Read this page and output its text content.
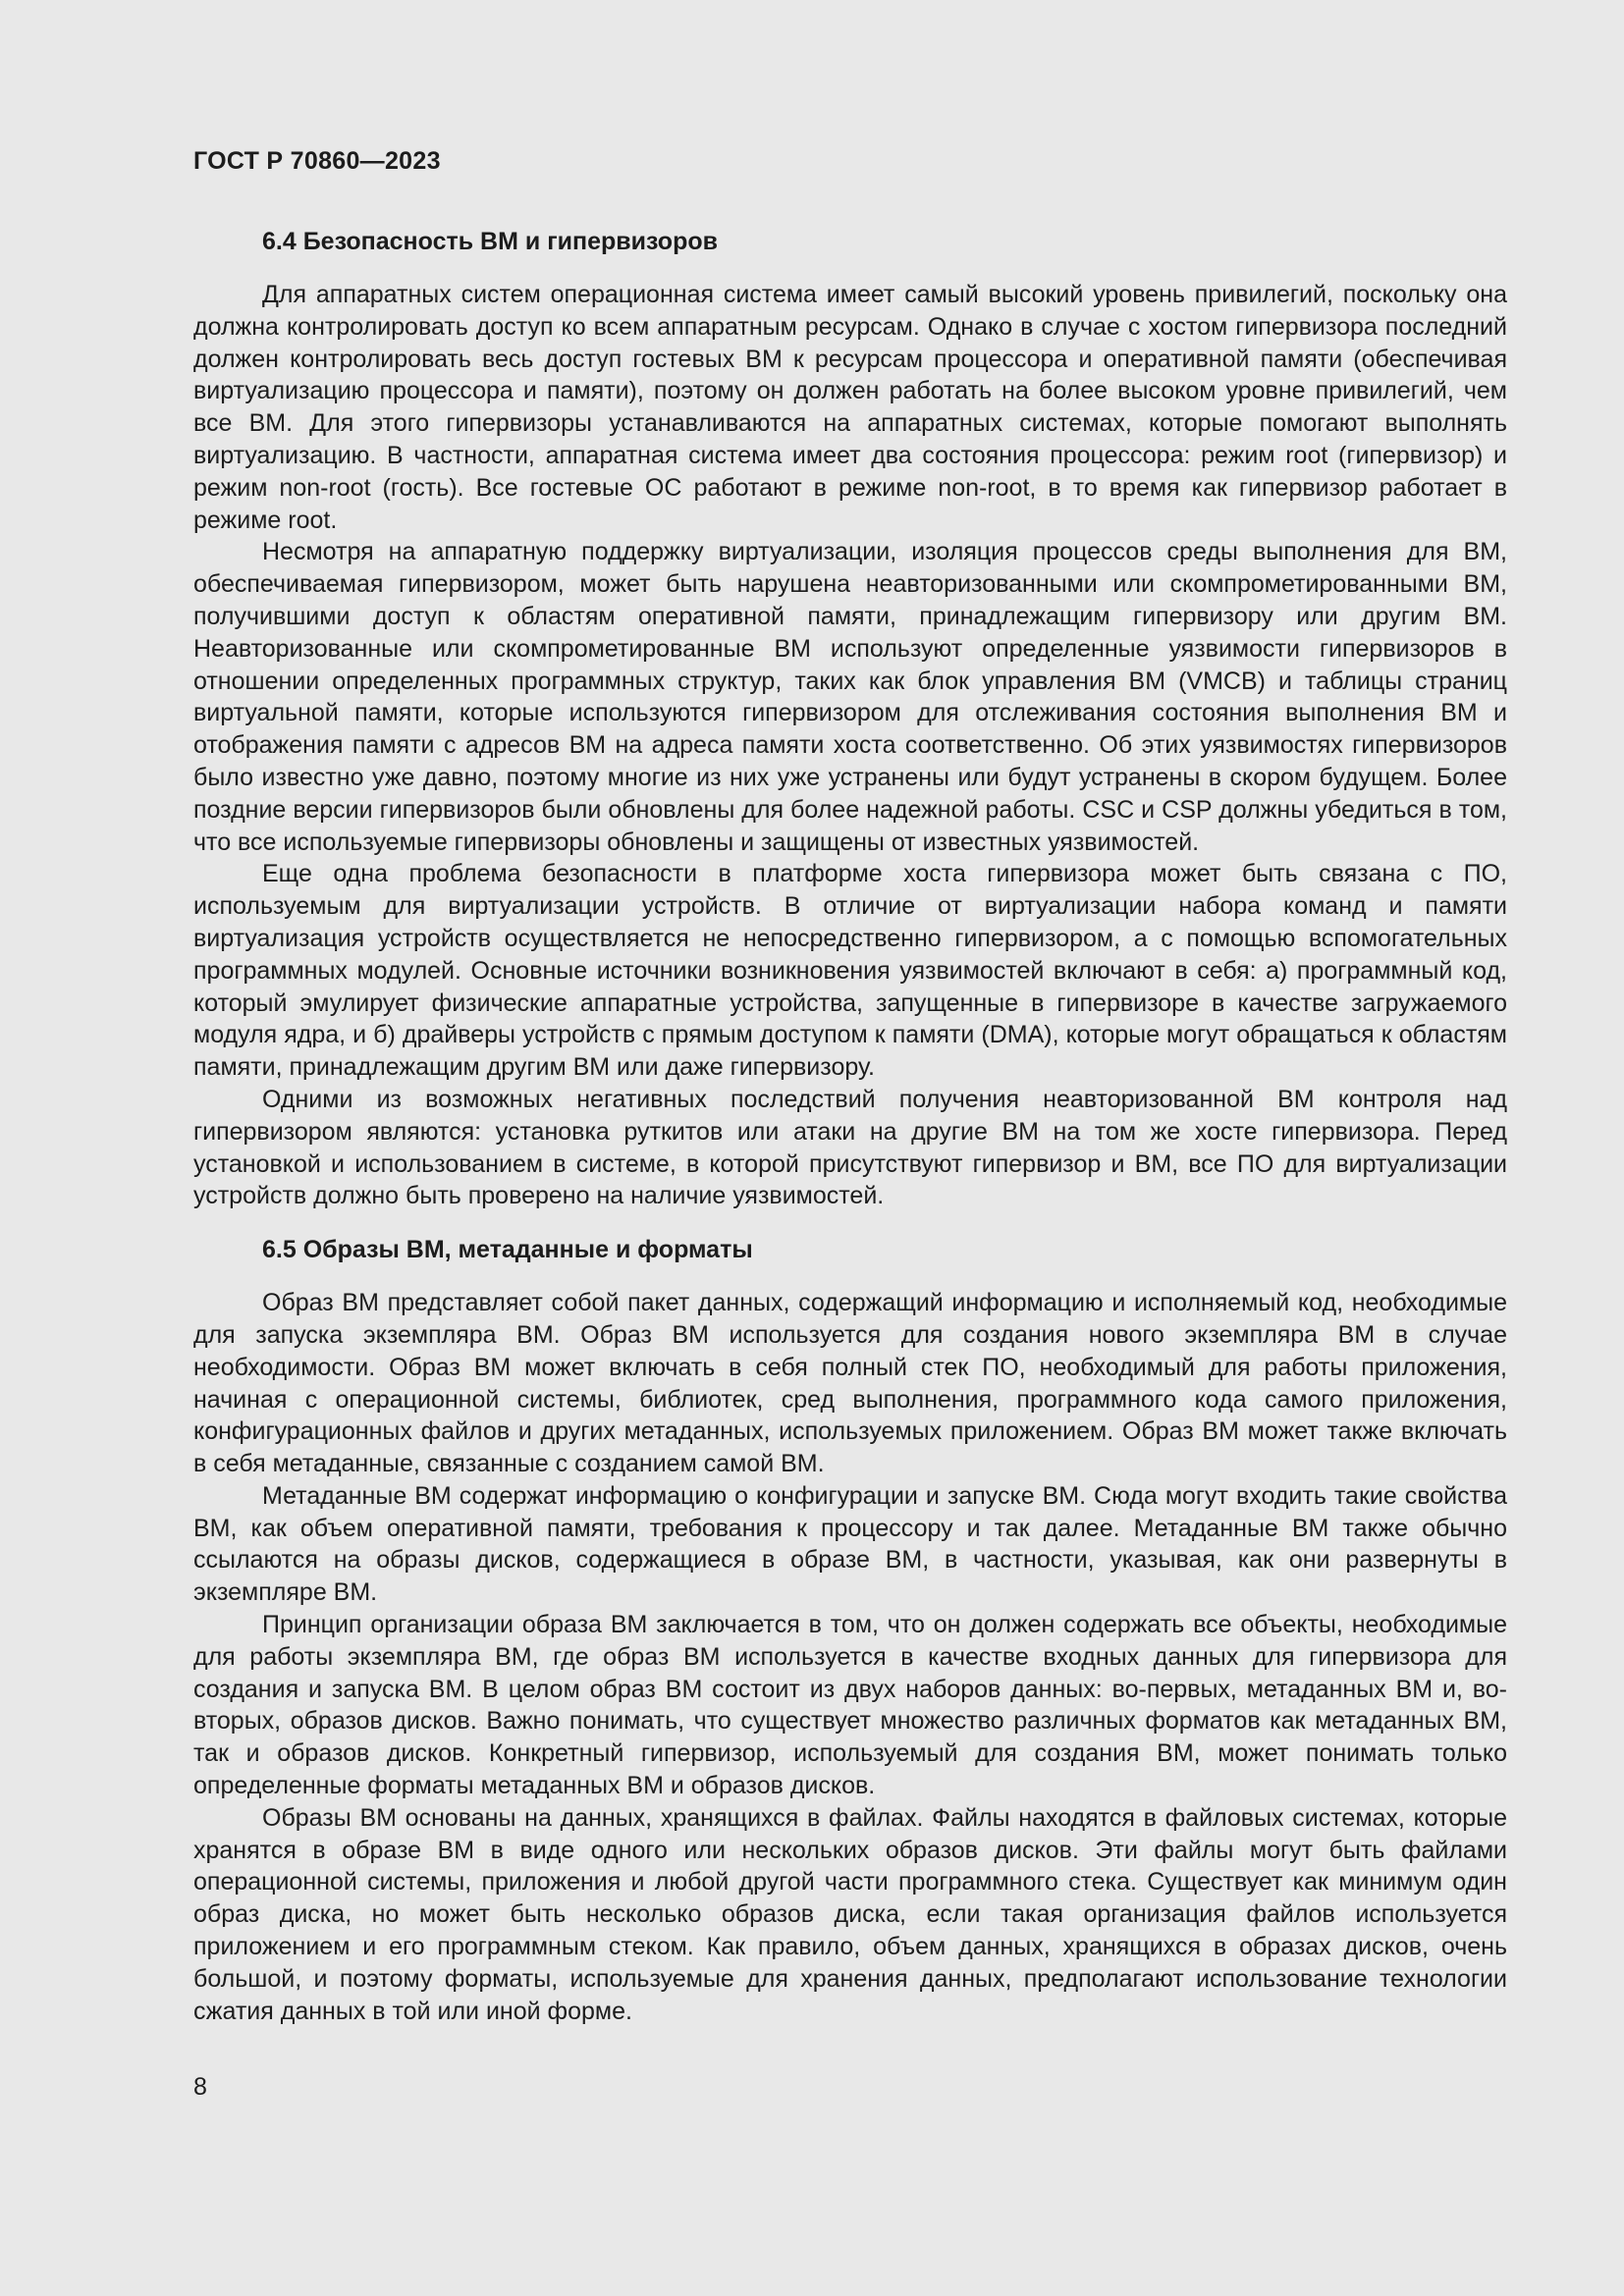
ГОСТ Р 70860—2023
6.4 Безопасность ВМ и гипервизоров

Для аппаратных систем операционная система имеет самый высокий уровень привилегий, поскольку она должна контролировать доступ ко всем аппаратным ресурсам. Однако в случае с хостом гипервизора последний должен контролировать весь доступ гостевых ВМ к ресурсам процессора и оперативной памяти (обеспечивая виртуализацию процессора и памяти), поэтому он должен работать на более высоком уровне привилегий, чем все ВМ. Для этого гипервизоры устанавливаются на аппаратных системах, которые помогают выполнять виртуализацию. В частности, аппаратная система имеет два состояния процессора: режим root (гипервизор) и режим non-root (гость). Все гостевые ОС работают в режиме non-root, в то время как гипервизор работает в режиме root.

Несмотря на аппаратную поддержку виртуализации, изоляция процессов среды выполнения для ВМ, обеспечиваемая гипервизором, может быть нарушена неавторизованными или скомпрометированными ВМ, получившими доступ к областям оперативной памяти, принадлежащим гипервизору или другим ВМ. Неавторизованные или скомпрометированные ВМ используют определенные уязвимости гипервизоров в отношении определенных программных структур, таких как блок управления ВМ (VMCB) и таблицы страниц виртуальной памяти, которые используются гипервизором для отслеживания состояния выполнения ВМ и отображения памяти с адресов ВМ на адреса памяти хоста соответственно. Об этих уязвимостях гипервизоров было известно уже давно, поэтому многие из них уже устранены или будут устранены в скором будущем. Более поздние версии гипервизоров были обновлены для более надежной работы. CSC и CSP должны убедиться в том, что все используемые гипервизоры обновлены и защищены от известных уязвимостей.

Еще одна проблема безопасности в платформе хоста гипервизора может быть связана с ПО, используемым для виртуализации устройств. В отличие от виртуализации набора команд и памяти виртуализация устройств осуществляется не непосредственно гипервизором, а с помощью вспомогательных программных модулей. Основные источники возникновения уязвимостей включают в себя: а) программный код, который эмулирует физические аппаратные устройства, запущенные в гипервизоре в качестве загружаемого модуля ядра, и б) драйверы устройств с прямым доступом к памяти (DMA), которые могут обращаться к областям памяти, принадлежащим другим ВМ или даже гипервизору.

Одними из возможных негативных последствий получения неавторизованной ВМ контроля над гипервизором являются: установка руткитов или атаки на другие ВМ на том же хосте гипервизора. Перед установкой и использованием в системе, в которой присутствуют гипервизор и ВМ, все ПО для виртуализации устройств должно быть проверено на наличие уязвимостей.

6.5 Образы ВМ, метаданные и форматы

Образ ВМ представляет собой пакет данных, содержащий информацию и исполняемый код, необходимые для запуска экземпляра ВМ. Образ ВМ используется для создания нового экземпляра ВМ в случае необходимости. Образ ВМ может включать в себя полный стек ПО, необходимый для работы приложения, начиная с операционной системы, библиотек, сред выполнения, программного кода самого приложения, конфигурационных файлов и других метаданных, используемых приложением. Образ ВМ может также включать в себя метаданные, связанные с созданием самой ВМ.

Метаданные ВМ содержат информацию о конфигурации и запуске ВМ. Сюда могут входить такие свойства ВМ, как объем оперативной памяти, требования к процессору и так далее. Метаданные ВМ также обычно ссылаются на образы дисков, содержащиеся в образе ВМ, в частности, указывая, как они развернуты в экземпляре ВМ.

Принцип организации образа ВМ заключается в том, что он должен содержать все объекты, необходимые для работы экземпляра ВМ, где образ ВМ используется в качестве входных данных для гипервизора для создания и запуска ВМ. В целом образ ВМ состоит из двух наборов данных: во-первых, метаданных ВМ и, во-вторых, образов дисков. Важно понимать, что существует множество различных форматов как метаданных ВМ, так и образов дисков. Конкретный гипервизор, используемый для создания ВМ, может понимать только определенные форматы метаданных ВМ и образов дисков.

Образы ВМ основаны на данных, хранящихся в файлах. Файлы находятся в файловых системах, которые хранятся в образе ВМ в виде одного или нескольких образов дисков. Эти файлы могут быть файлами операционной системы, приложения и любой другой части программного стека. Существует как минимум один образ диска, но может быть несколько образов диска, если такая организация файлов используется приложением и его программным стеком. Как правило, объем данных, хранящихся в образах дисков, очень большой, и поэтому форматы, используемые для хранения данных, предполагают использование технологии сжатия данных в той или иной форме.

8
